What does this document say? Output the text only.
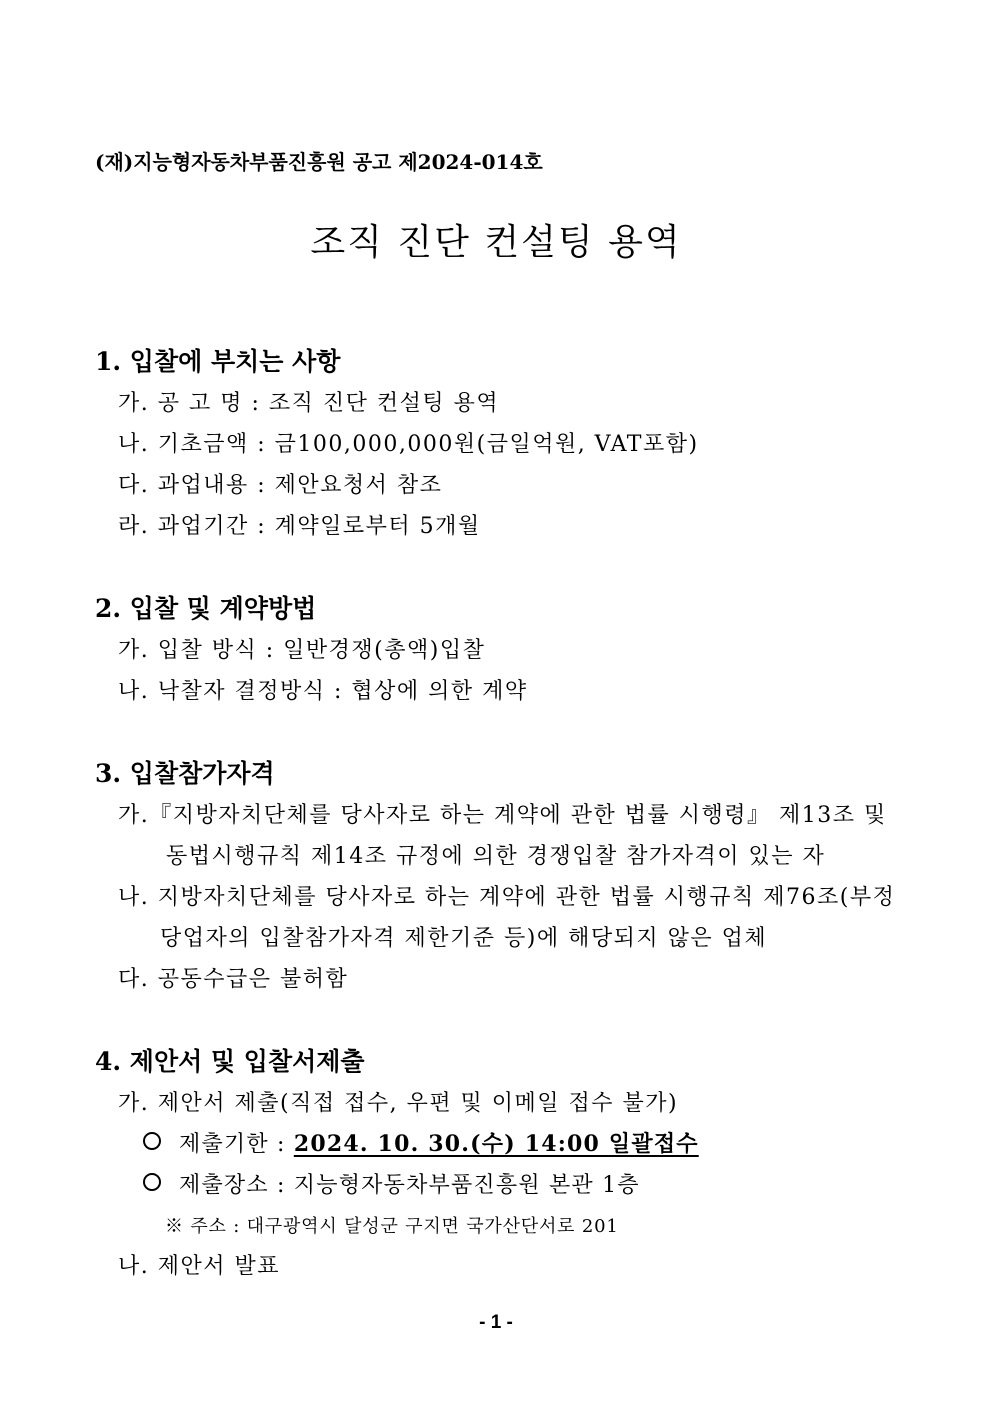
(재)지능형자동차부품진흥원 공고 제2024-014호
조직 진단 컨설팅 용역
1. 입찰에 부치는 사항
가. 공 고 명 : 조직 진단 컨설팅 용역
나. 기초금액 : 금100,000,000원(금일억원, VAT포함)
다. 과업내용 : 제안요청서 참조
라. 과업기간 : 계약일로부터 5개월
2. 입찰 및 계약방법
가. 입찰 방식 : 일반경쟁(총액)입찰
나. 낙찰자 결정방식 : 협상에 의한 계약
3. 입찰참가자격
가.『지방자치단체를 당사자로 하는 계약에 관한 법률 시행령』 제13조 및
동법시행규칙 제14조 규정에 의한 경쟁입찰 참가자격이 있는 자
나. 지방자치단체를 당사자로 하는 계약에 관한 법률 시행규칙 제76조(부정
당업자의 입찰참가자격 제한기준 등)에 해당되지 않은 업체
다. 공동수급은 불허함
4. 제안서 및 입찰서제출
가. 제안서 제출(직접 접수, 우편 및 이메일 접수 불가)
제출기한 : 2024. 10. 30.(수) 14:00 일괄접수
제출장소 : 지능형자동차부품진흥원 본관 1층
※ 주소 : 대구광역시 달성군 구지면 국가산단서로 201
나. 제안서 발표
- 1 -
